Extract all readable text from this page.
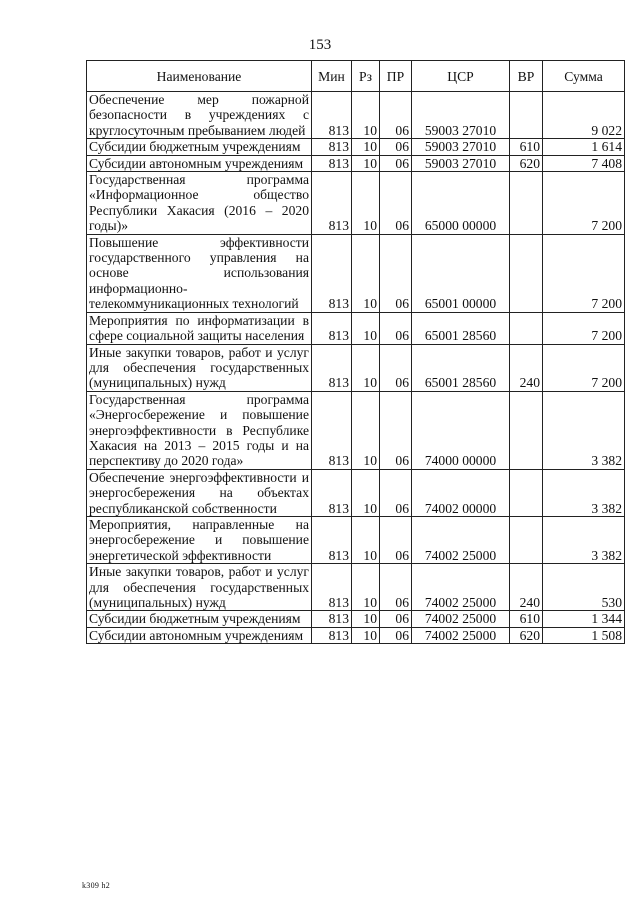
153
Наименование	Мин	Рз	ПР	ЦСР	ВР	Сумма
Обеспечение мер пожарной безопасности в учреждениях с круглосуточным пребыванием людей	813	10	06	59003 27010		9 022
Субсидии бюджетным учреждениям	813	10	06	59003 27010	610	1 614
Субсидии автономным учреждениям	813	10	06	59003 27010	620	7 408
Государственная программа «Информационное общество Республики Хакасия (2016 – 2020 годы)»	813	10	06	65000 00000		7 200
Повышение эффективности государственного управления на основе использования информационно-телекоммуникационных технологий	813	10	06	65001 00000		7 200
Мероприятия по информатизации в сфере социальной защиты населения	813	10	06	65001 28560		7 200
Иные закупки товаров, работ и услуг для обеспечения государственных (муниципальных) нужд	813	10	06	65001 28560	240	7 200
Государственная программа «Энергосбережение и повышение энергоэффективности в Республике Хакасия на 2013 – 2015 годы и на перспективу до 2020 года»	813	10	06	74000 00000		3 382
Обеспечение энергоэффективности и энергосбережения на объектах республиканской собственности	813	10	06	74002 00000		3 382
Мероприятия, направленные на энергосбережение и повышение энергетической эффективности	813	10	06	74002 25000		3 382
Иные закупки товаров, работ и услуг для обеспечения государственных (муниципальных) нужд	813	10	06	74002 25000	240	530
Субсидии бюджетным учреждениям	813	10	06	74002 25000	610	1 344
Субсидии автономным учреждениям	813	10	06	74002 25000	620	1 508
k309 h2
